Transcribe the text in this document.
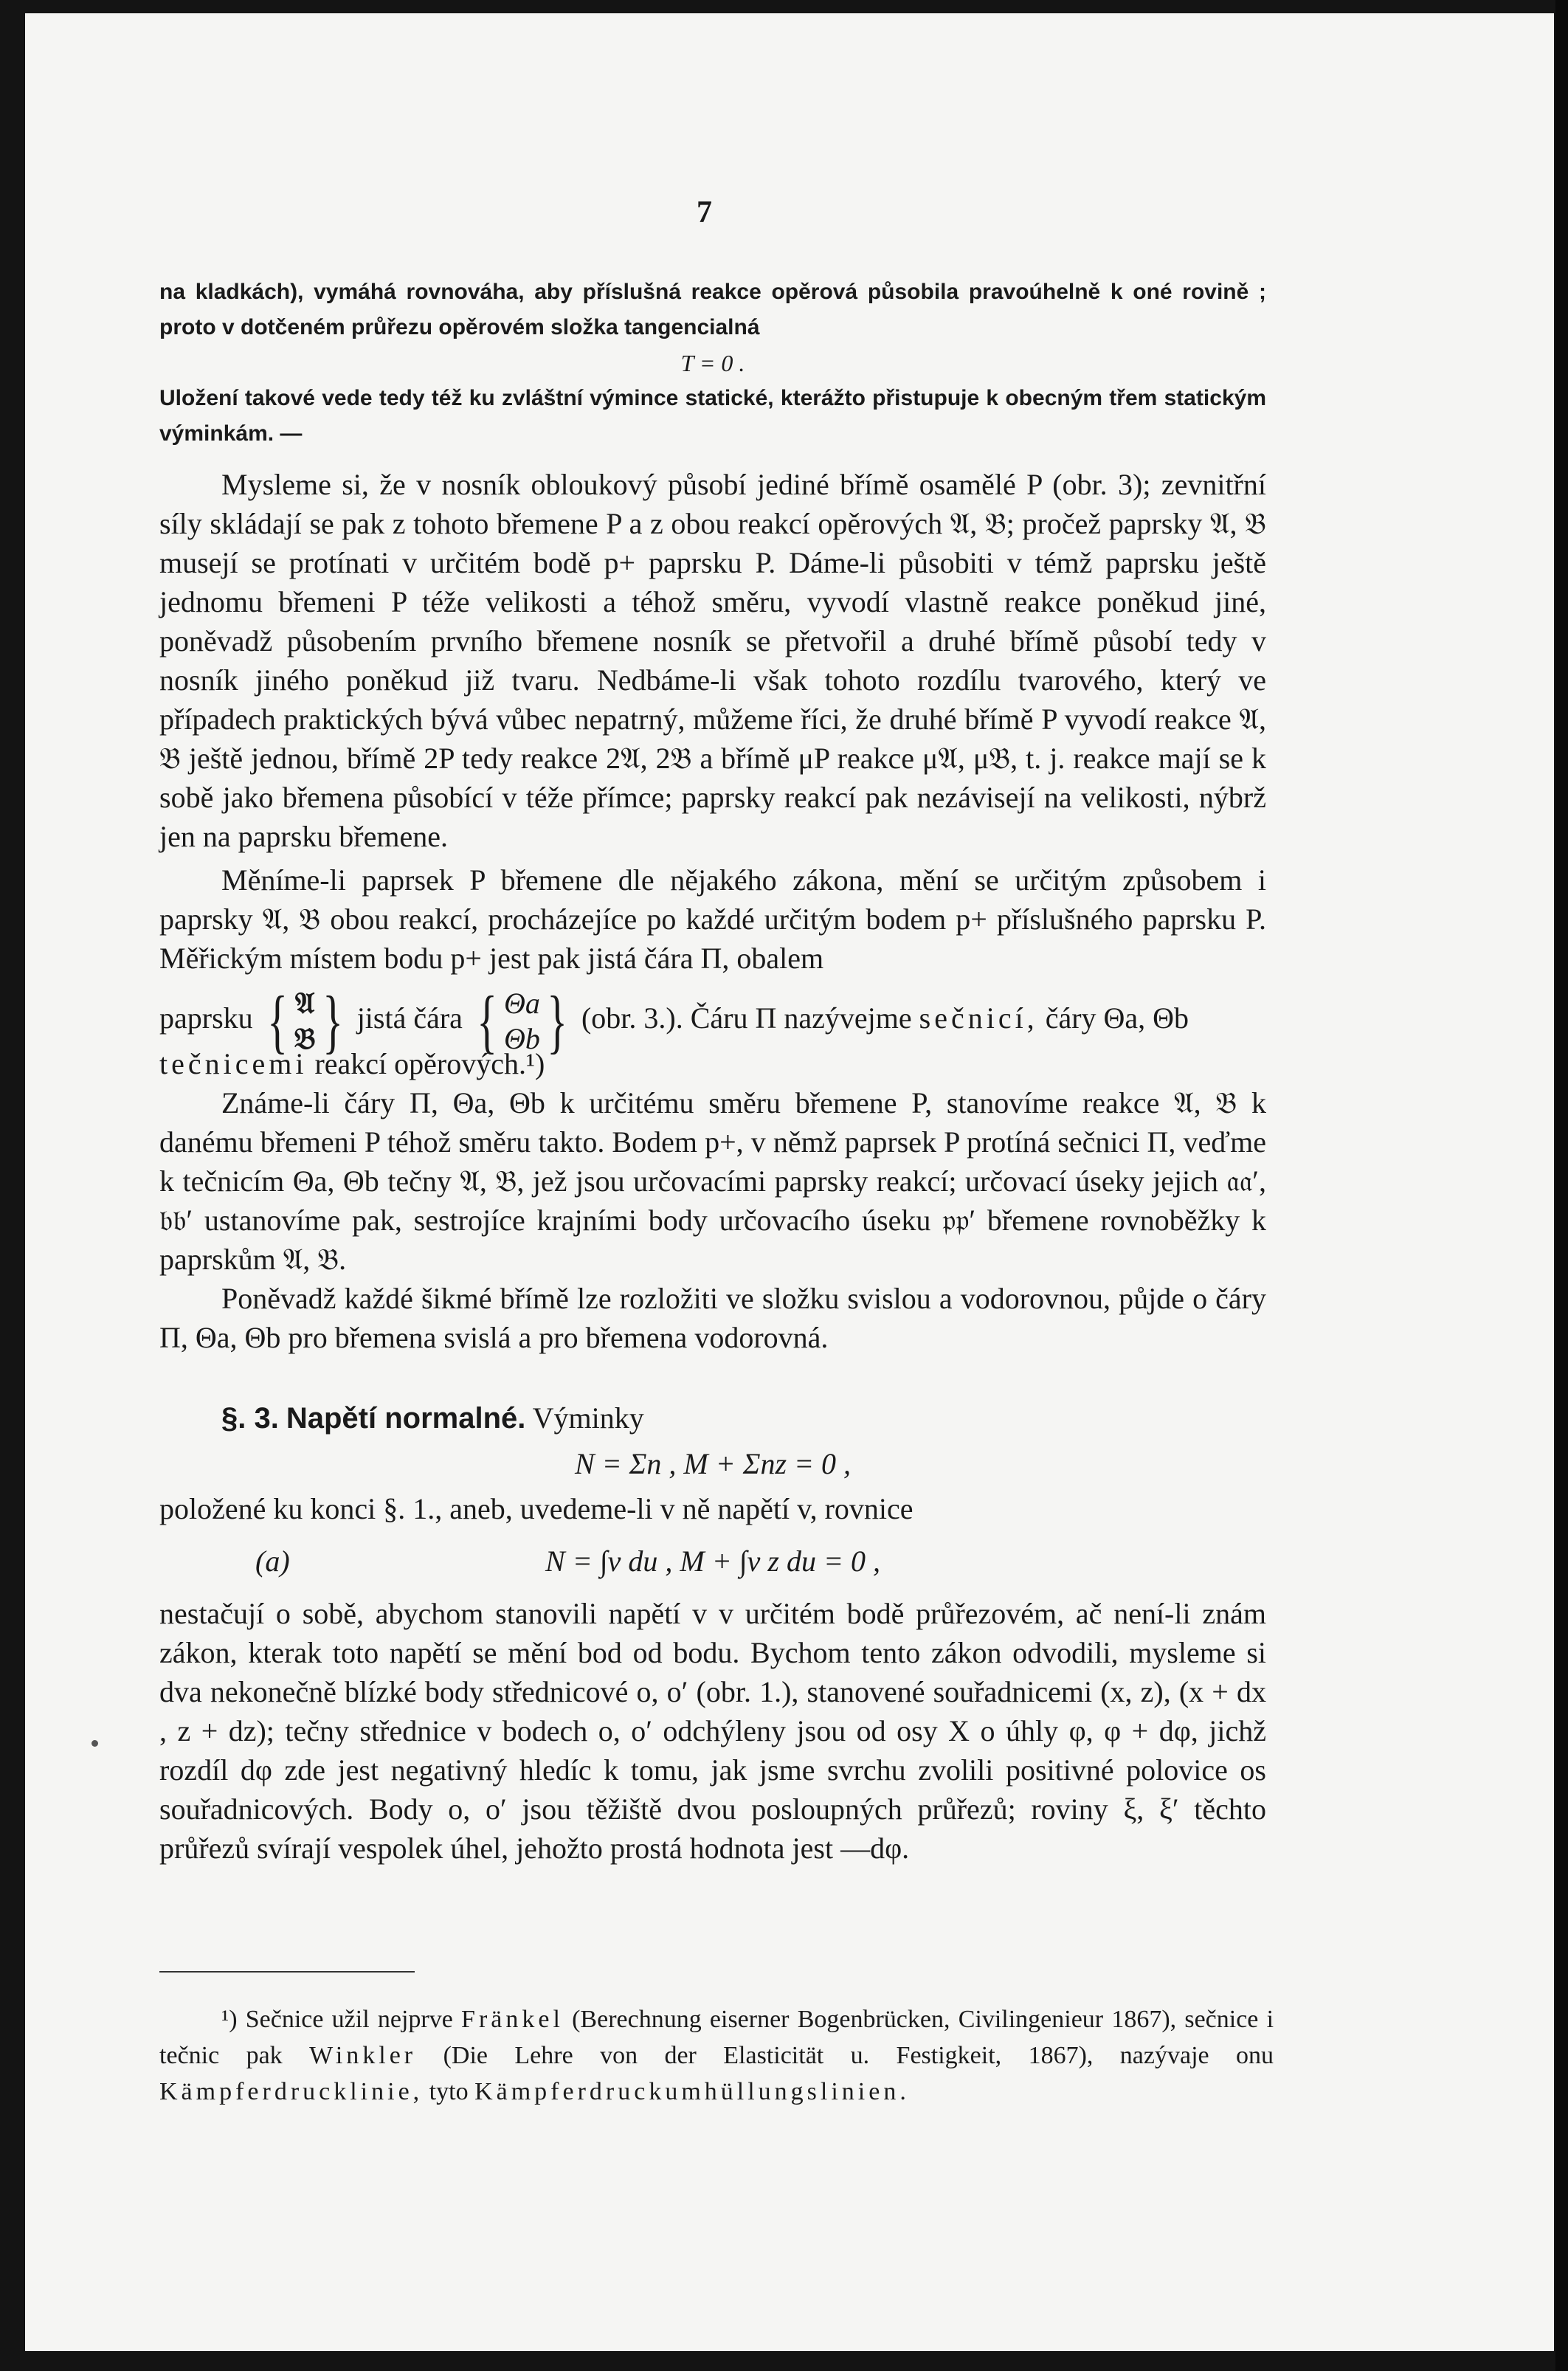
7

na kladkách), vymáhá rovnováha, aby příslušná reakce opěrová působila pravoúhelně k oné rovině ; proto v dotčeném průřezu opěrovém složka tangencialná

T = 0 .

Uložení takové vede tedy též ku zvláštní výmince statické, kterážto přistupuje k obecným třem statickým výminkám. —

Mysleme si, že v nosník obloukový působí jediné břímě osamělé P (obr. 3); zevnitřní síly skládají se pak z tohoto břemene P a z obou reakcí opěrových 𝔄, 𝔅; pročež paprsky 𝔄, 𝔅 musejí se protínati v určitém bodě p+ paprsku P. Dáme-li působiti v témž paprsku ještě jednomu břemeni P téže velikosti a téhož směru, vyvodí vlastně reakce poněkud jiné, poněvadž působením prvního břemene nosník se přetvořil a druhé břímě působí tedy v nosník jiného poněkud již tvaru. Nedbáme-li však tohoto rozdílu tvarového, který ve případech praktických bývá vůbec nepatrný, můžeme říci, že druhé břímě P vyvodí reakce 𝔄, 𝔅 ještě jednou, břímě 2P tedy reakce 2𝔄, 2𝔅 a břímě μP reakce μ𝔄, μ𝔅, t. j. reakce mají se k sobě jako břemena působící v téže přímce; paprsky reakcí pak nezávisejí na velikosti, nýbrž jen na paprsku břemene.

Měníme-li paprsek P břemene dle nějakého zákona, mění se určitým způsobem i paprsky 𝔄, 𝔅 obou reakcí, procházejíce po každé určitým bodem p+ příslušného paprsku P. Měřickým místem bodu p+ jest pak jistá čára Π, obalem

paprsku { 𝔄
𝔅} jistá čára { Θa
Θb} (obr. 3.). Čáru Π nazývejme sečnicí, čáry Θa, Θb

tečnicemi reakcí opěrových.¹)

Známe-li čáry Π, Θa, Θb k určitému směru břemene P, stanovíme reakce 𝔄, 𝔅 k danému břemeni P téhož směru takto. Bodem p+, v němž paprsek P protíná sečnici Π, veďme k tečnicím Θa, Θb tečny 𝔄, 𝔅, jež jsou určovacími paprsky reakcí; určovací úseky jejich 𝔞𝔞′, 𝔟𝔟′ ustanovíme pak, sestrojíce krajními body určovacího úseku 𝔭𝔭′ břemene rovnoběžky k paprskům 𝔄, 𝔅.

Poněvadž každé šikmé břímě lze rozložiti ve složku svislou a vodorovnou, půjde o čáry Π, Θa, Θb pro břemena svislá a pro břemena vodorovná.

§. 3. Napětí normalné. Výminky

N = Σn , M + Σnz = 0 ,

položené ku konci §. 1., aneb, uvedeme-li v ně napětí v, rovnice

(a)	N = ∫v du , M + ∫v z du = 0 ,

nestačují o sobě, abychom stanovili napětí v v určitém bodě průřezovém, ač není-li znám zákon, kterak toto napětí se mění bod od bodu. Bychom tento zákon odvodili, mysleme si dva nekonečně blízké body střednicové o, o′ (obr. 1.), stanovené souřadnicemi (x, z), (x + dx , z + dz); tečny střednice v bodech o, o′ odchýleny jsou od osy X o úhly φ, φ + dφ, jichž rozdíl dφ zde jest negativný hledíc k tomu, jak jsme svrchu zvolili positivné polovice os souřadnicových. Body o, o′ jsou těžiště dvou posloupných průřezů; roviny ξ, ξ′ těchto průřezů svírají vespolek úhel, jehožto prostá hodnota jest —dφ.

¹) Sečnice užil nejprve Fränkel (Berechnung eiserner Bogenbrücken, Civilingenieur 1867), sečnice i tečnic pak Winkler (Die Lehre von der Elasticität u. Festigkeit, 1867), nazývaje onu Kämpferdrucklinie, tyto Kämpferdruckumhüllungslinien.
